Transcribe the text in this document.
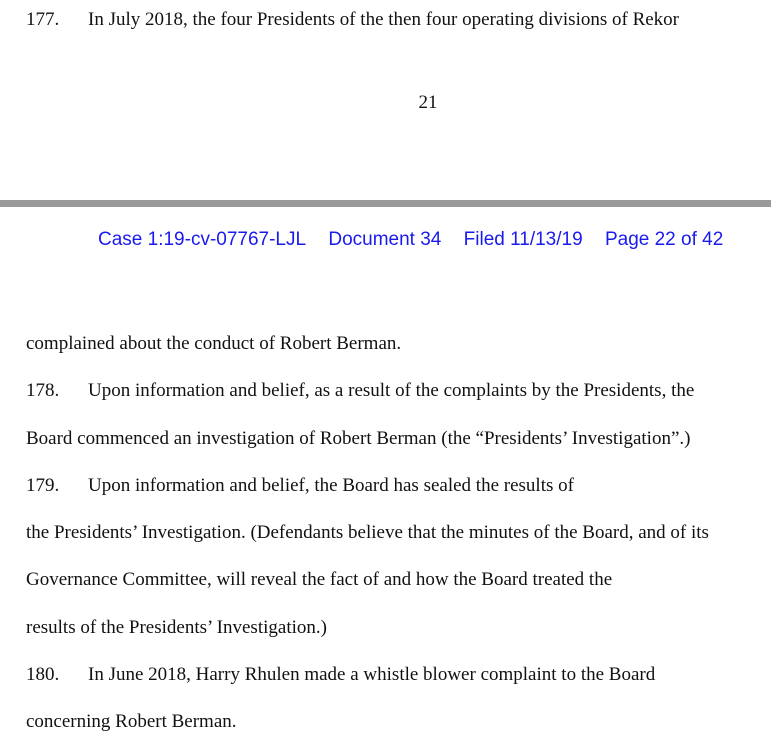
177. In July 2018, the four Presidents of the then four operating divisions of Rekor
21
Case 1:19-cv-07767-LJL Document 34 Filed 11/13/19 Page 22 of 42
complained about the conduct of Robert Berman.
178. Upon information and belief, as a result of the complaints by the Presidents, the
Board commenced an investigation of Robert Berman (the “Presidents’ Investigation”.)
179. Upon information and belief, the Board has sealed the results of
the Presidents’ Investigation. (Defendants believe that the minutes of the Board, and of its
Governance Committee, will reveal the fact of and how the Board treated the
results of the Presidents’ Investigation.)
180. In June 2018, Harry Rhulen made a whistle blower complaint to the Board
concerning Robert Berman.
